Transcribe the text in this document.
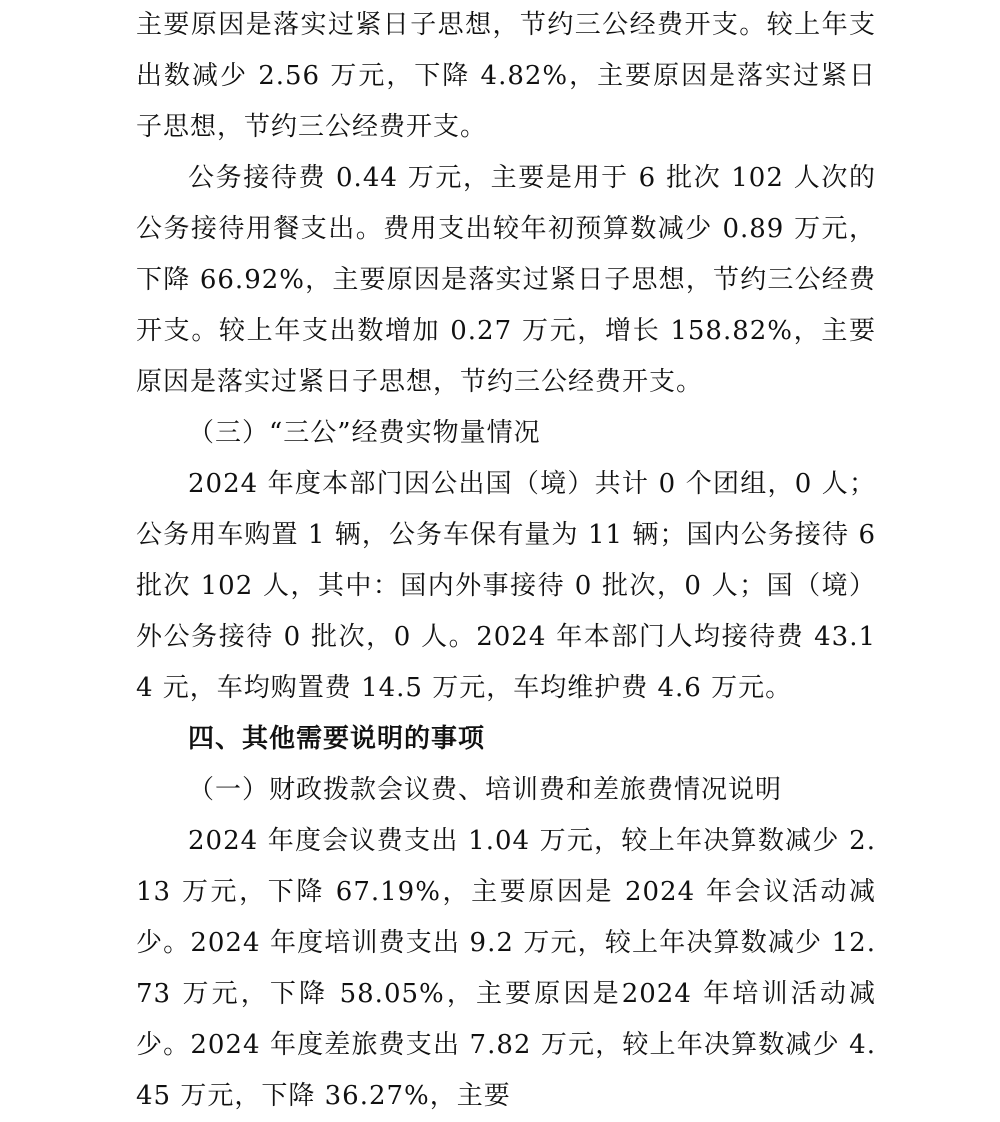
主要原因是落实过紧日子思想，节约三公经费开支。较上年支出数减少 2.56 万元，下降 4.82%，主要原因是落实过紧日子思想，节约三公经费开支。

公务接待费 0.44 万元，主要是用于 6 批次 102 人次的公务接待用餐支出。费用支出较年初预算数减少 0.89 万元，下降 66.92%，主要原因是落实过紧日子思想，节约三公经费开支。较上年支出数增加 0.27 万元，增长 158.82%，主要原因是落实过紧日子思想，节约三公经费开支。

（三）“三公”经费实物量情况

2024 年度本部门因公出国（境）共计 0 个团组，0 人；公务用车购置 1 辆，公务车保有量为 11 辆；国内公务接待 6 批次 102 人，其中：国内外事接待 0 批次，0 人；国（境）外公务接待 0 批次，0 人。2024 年本部门人均接待费 43.14 元，车均购置费 14.5 万元，车均维护费 4.6 万元。

四、其他需要说明的事项

（一）财政拨款会议费、培训费和差旅费情况说明

2024 年度会议费支出 1.04 万元，较上年决算数减少 2.13 万元，下降 67.19%，主要原因是 2024 年会议活动减少。2024 年度培训费支出 9.2 万元，较上年决算数减少 12.73 万元，下降 58.05%，主要原因是2024 年培训活动减少。2024 年度差旅费支出 7.82 万元，较上年决算数减少 4.45 万元，下降 36.27%，主要
